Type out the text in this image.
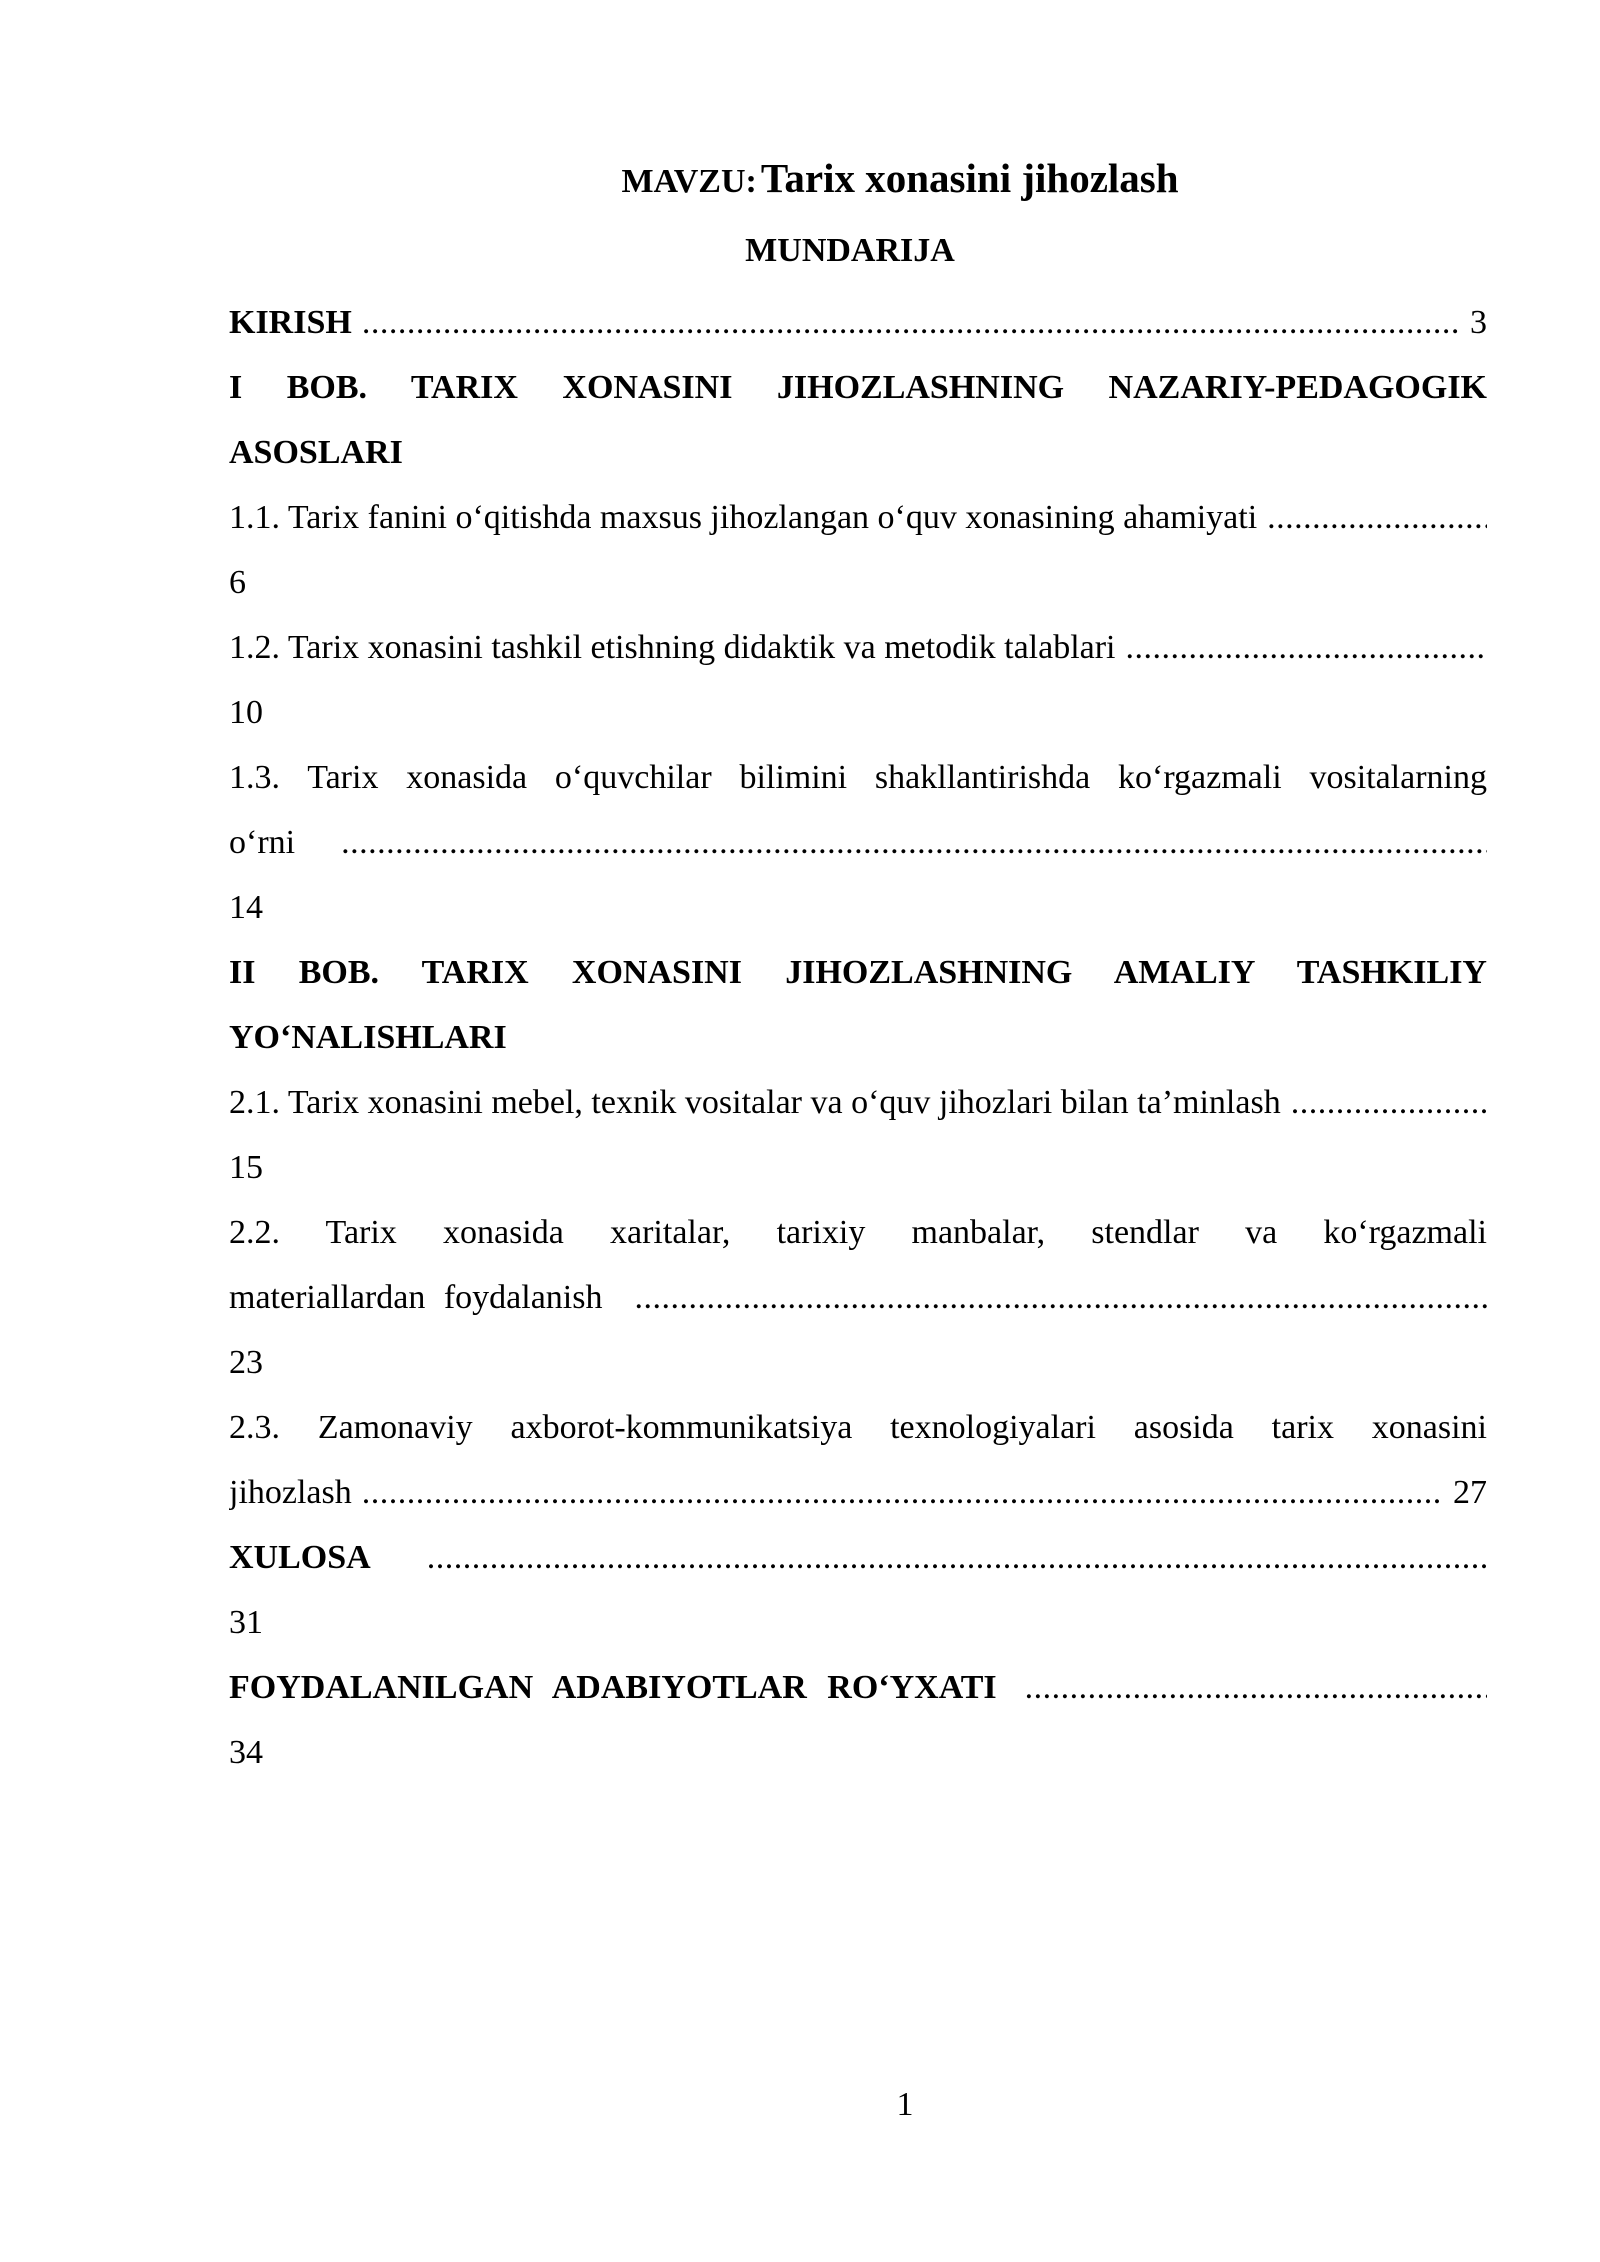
MAVZU: Tarix xonasini jihozlash
MUNDARIJA
KIRISH .....	3
I BOB. TARIX XONASINI JIHOZLASHNING NAZARIY-PEDAGOGIK
ASOSLARI
1.1. Tarix fanini o‘qitishda maxsus jihozlangan o‘quv xonasining ahamiyati
.....
6
1.2. Tarix xonasini tashkil etishning didaktik va metodik talablari
.....
10
1.3. Tarix xonasida o‘quvchilar bilimini shakllantirishda ko‘rgazmali vositalarning
o‘rni
.....
14
II BOB. TARIX XONASINI JIHOZLASHNING AMALIY TASHKILIY
YO‘NALISHLARI
2.1. Tarix xonasini mebel, texnik vositalar va o‘quv jihozlari bilan ta’minlash
.....
15
2.2. Tarix xonasida xaritalar, tarixiy manbalar, stendlar va ko‘rgazmali
materiallardan foydalanish
.....
23
2.3. Zamonaviy axborot-kommunikatsiya texnologiyalari asosida tarix xonasini
jihozlash .....	27
XULOSA
.....
31
FOYDALANILGAN ADABIYOTLAR RO‘YXATI
.....
34
1
